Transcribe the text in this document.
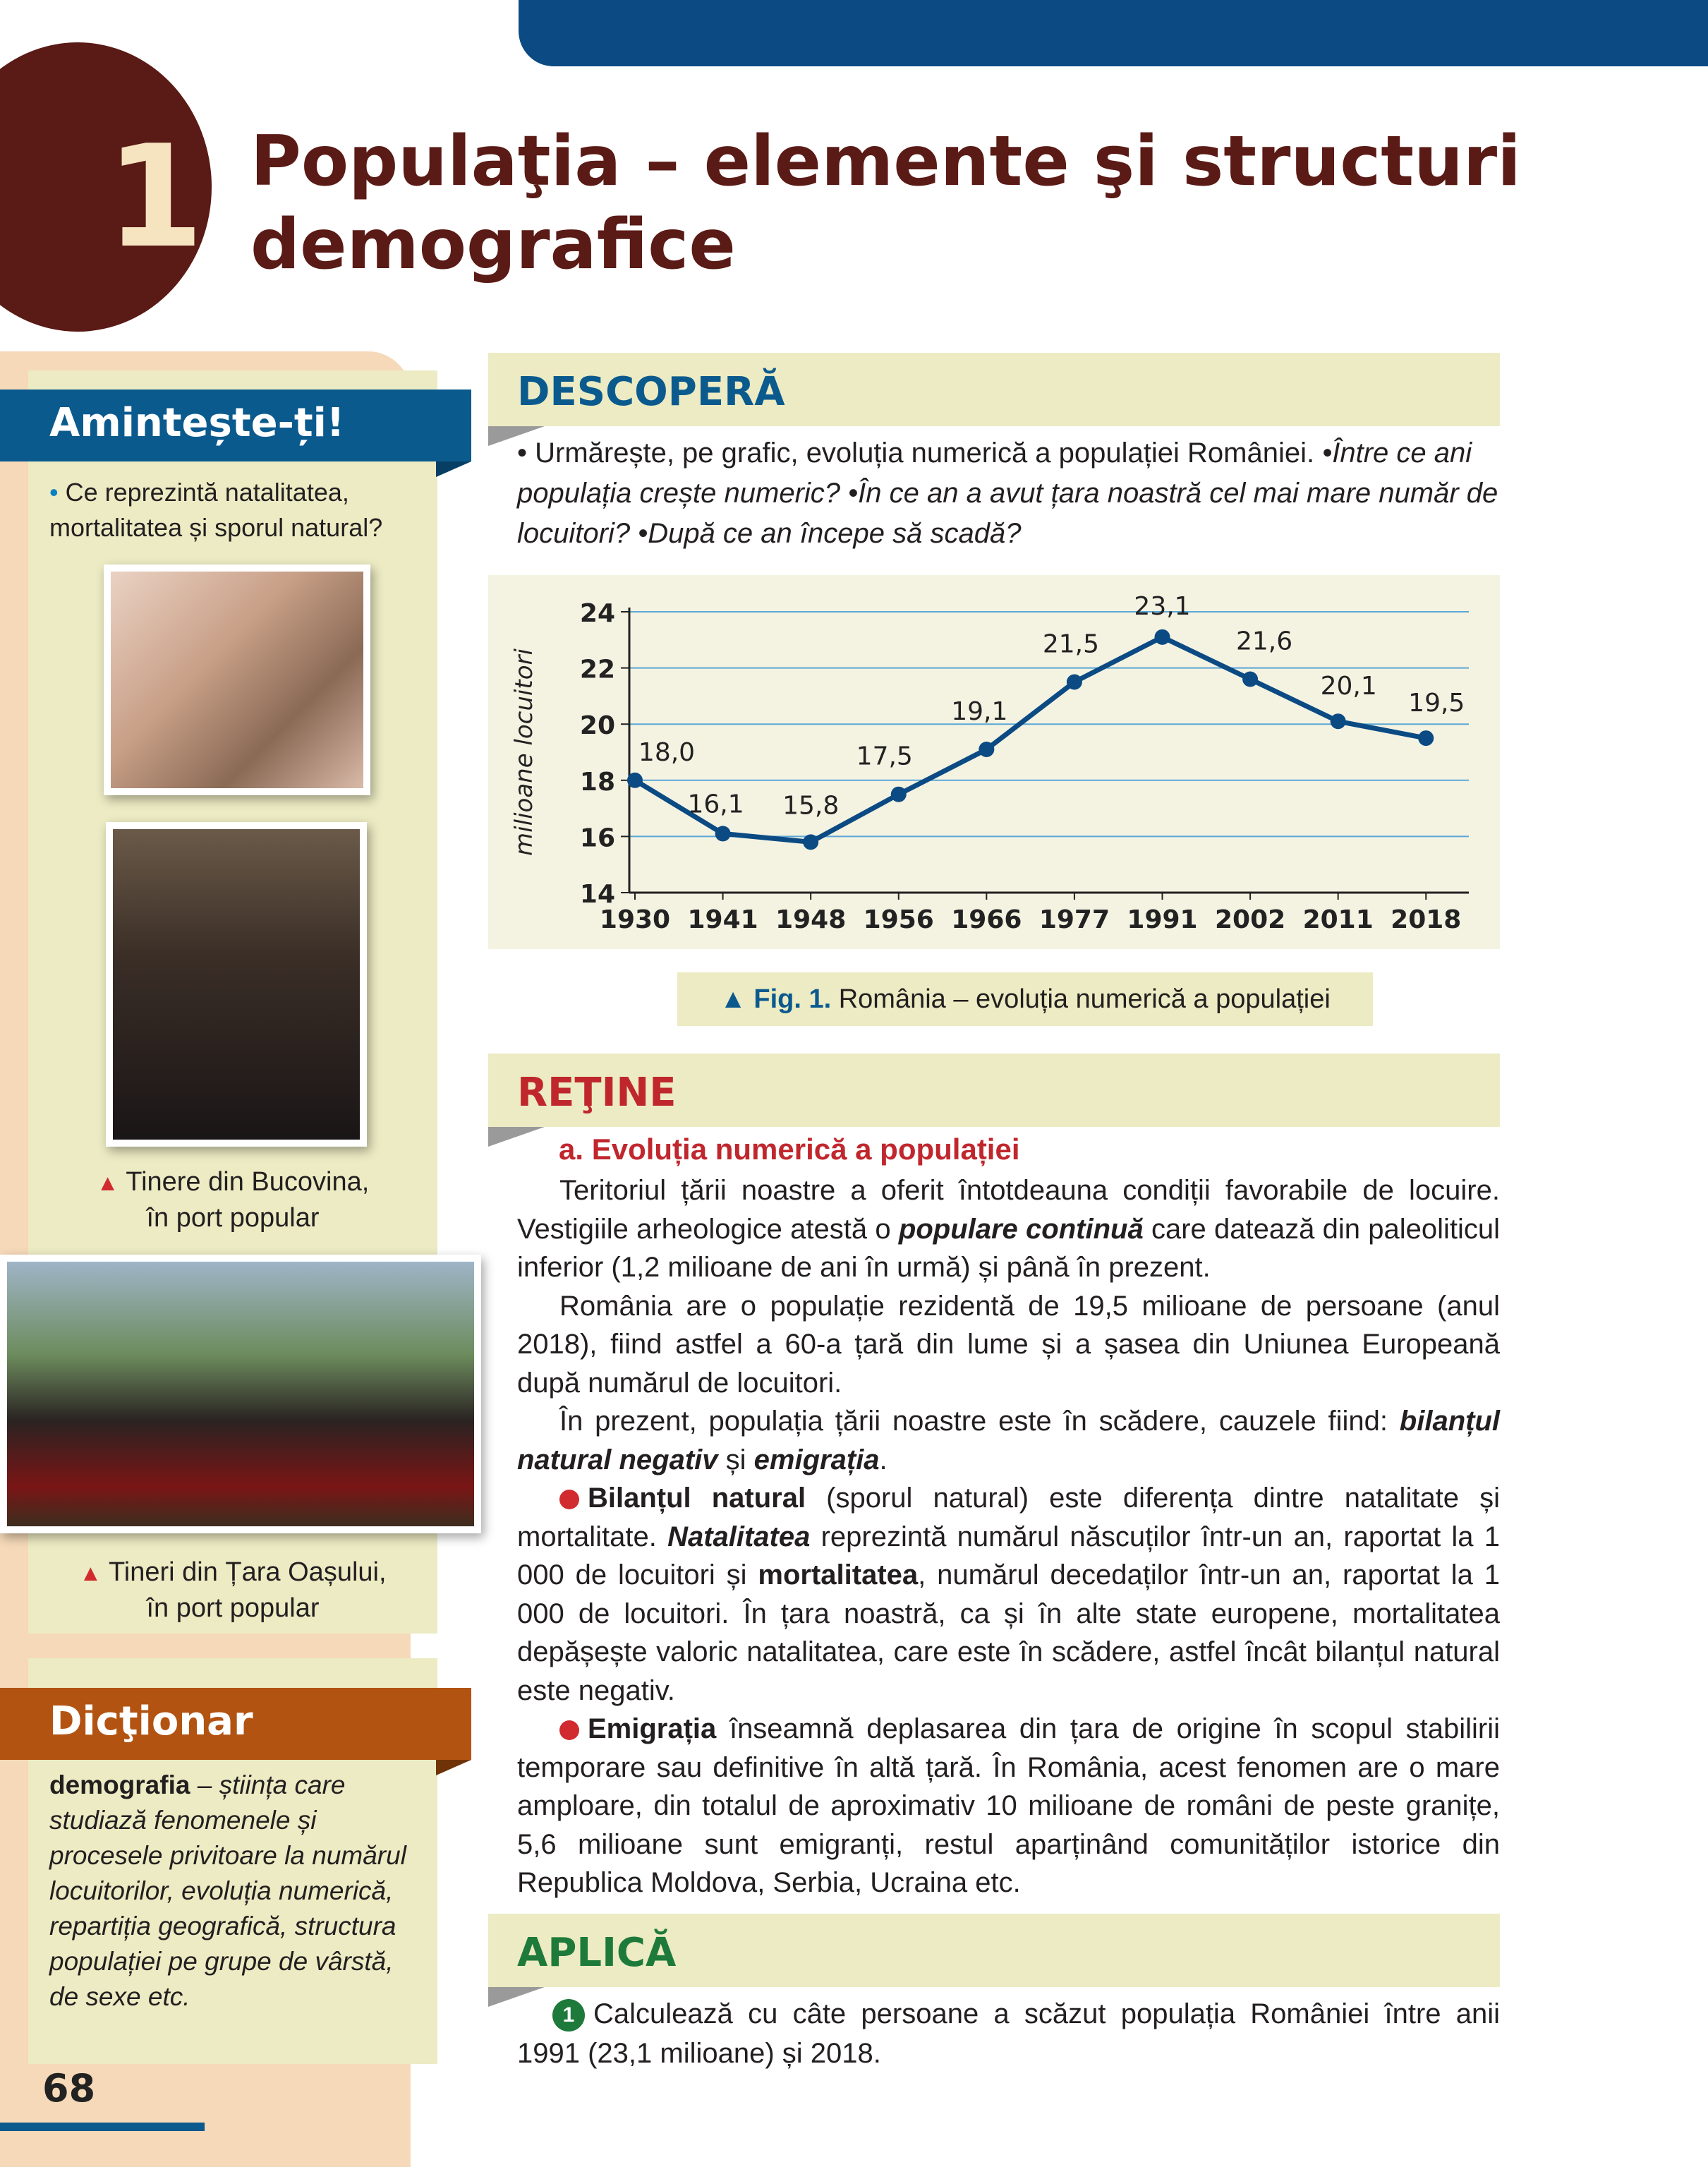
1 Populaţia – elemente şi structuri
demografice
Amintește-ți!
• Ce reprezintă natalitatea, mortalitatea și sporul natural?
▲ Tinere din Bucovina,
în port popular
▲ Tineri din Țara Oașului,
în port popular
Dicţionar
demografia – știința care studiază fenomenele și procesele privitoare la numărul locuitorilor, evoluția numerică, repartiția geografică, structura populației pe grupe de vârstă, de sexe etc.
68
DESCOPERĂ
• Urmărește, pe grafic, evoluția numerică a populației României. •Între ce ani populația crește numeric? •În ce an a avut țara noastră cel mai mare număr de locuitori? •După ce an începe să scadă?
14
16
18
20
22
24
milioane locuitori
1930 1941 1948 1956 1966 1977 1991 2002 2011 2018
18,0
16,1 15,8
17,5
19,1
21,5
23,1
21,6
20,1
19,5
▲ Fig. 1. România – evoluția numerică a populației
REŢINE
a. Evoluția numerică a populației

Teritoriul țării noastre a oferit întotdeauna condiții favorabile de locuire. Vestigiile arheologice atestă o populare continuă care datează din paleoliticul inferior (1,2 milioane de ani în urmă) și până în prezent.

România are o populație rezidentă de 19,5 milioane de persoane (anul 2018), fiind astfel a 60-a țară din lume și a șasea din Uniunea Europeană după numărul de locuitori.

În prezent, populația țării noastre este în scădere, cauzele fiind: bilanțul natural negativ și emigrația.

Bilanțul natural (sporul natural) este diferența dintre natalitate și mortalitate. Natalitatea reprezintă numărul născuților într-un an, raportat la 1 000 de locuitori și mortalitatea, numărul decedaților într-un an, raportat la 1 000 de locuitori. În țara noastră, ca și în alte state europene, mortalitatea depășește valoric natalitatea, care este în scădere, astfel încât bilanțul natural este negativ.

Emigrația înseamnă deplasarea din țara de origine în scopul stabilirii temporare sau definitive în altă țară. În România, acest fenomen are o mare amploare, din totalul de aproximativ 10 milioane de români de peste granițe, 5,6 milioane sunt emigranți, restul aparținând comunităților istorice din Republica Moldova, Serbia, Ucraina etc.

APLICĂ
1 Calculează cu câte persoane a scăzut populația României între anii 1991 (23,1 milioane) și 2018.
